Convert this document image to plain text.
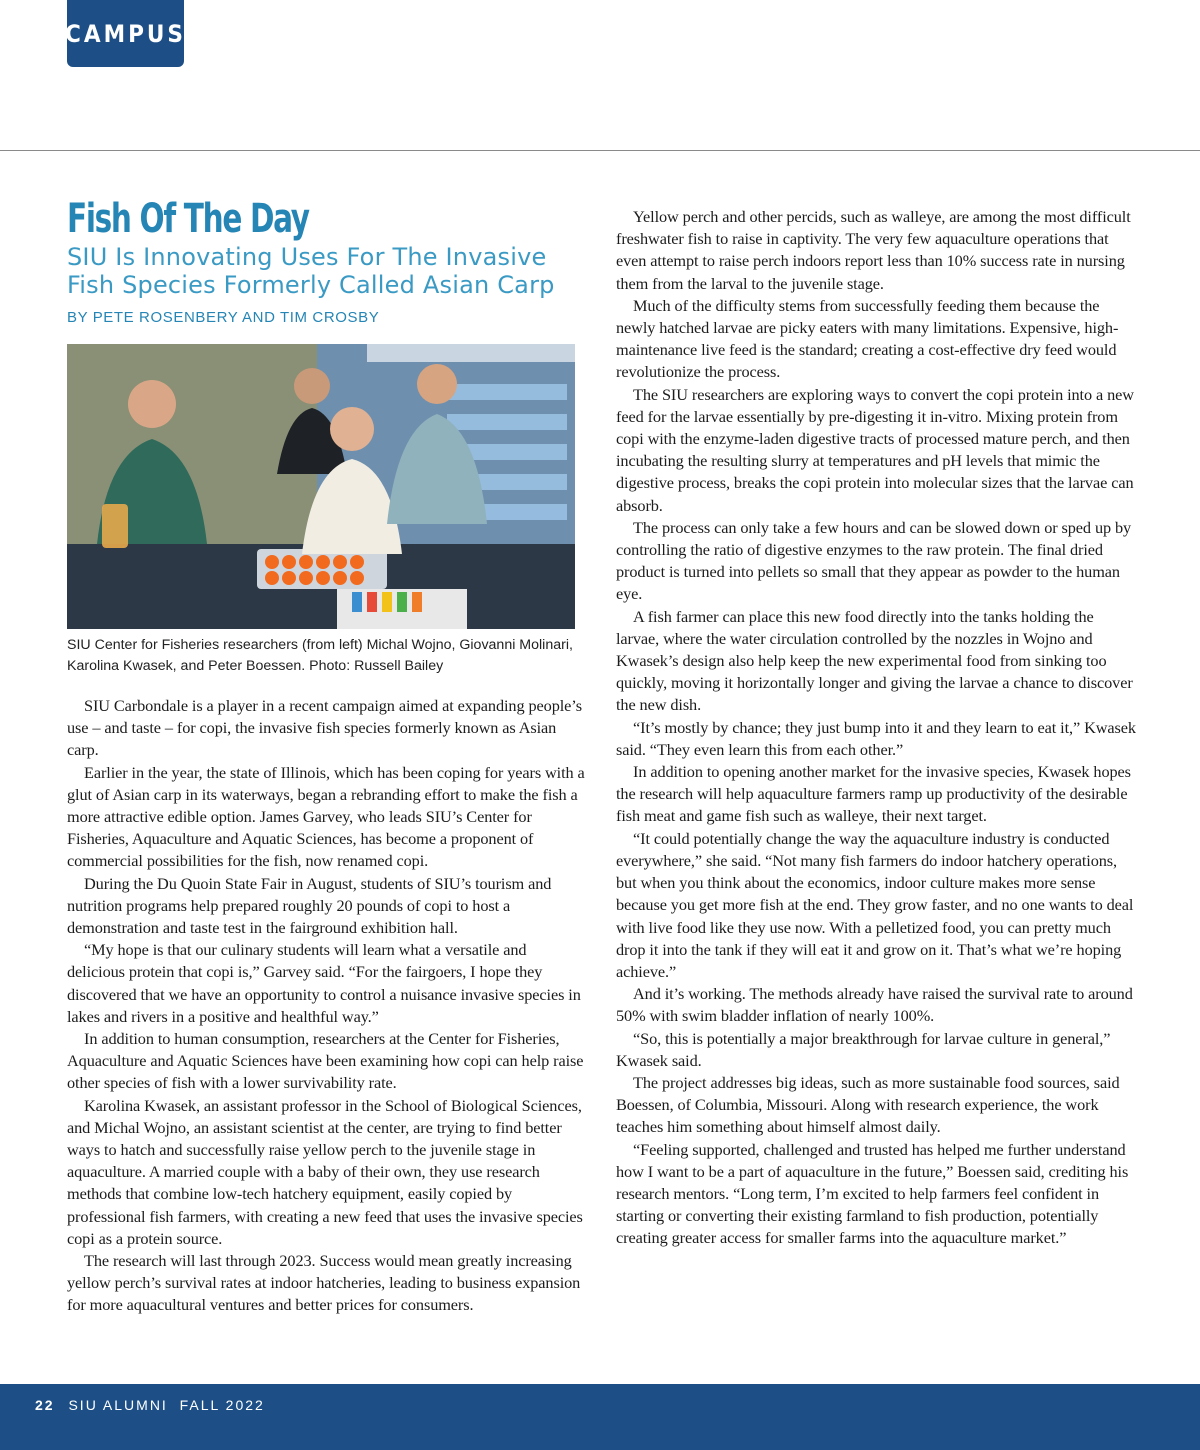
CAMPUS
Fish Of The Day
SIU Is Innovating Uses For The Invasive Fish Species Formerly Called Asian Carp
BY PETE ROSENBERY AND TIM CROSBY
SIU Center for Fisheries researchers (from left) Michal Wojno, Giovanni Molinari, Karolina Kwasek, and Peter Boessen. Photo: Russell Bailey

SIU Carbondale is a player in a recent campaign aimed at expanding people’s use – and taste – for copi, the invasive fish species formerly known as Asian carp.

Earlier in the year, the state of Illinois, which has been coping for years with a glut of Asian carp in its waterways, began a rebranding effort to make the fish a more attractive edible option. James Garvey, who leads SIU’s Center for Fisheries, Aquaculture and Aquatic Sciences, has become a proponent of commercial possibilities for the fish, now renamed copi.

During the Du Quoin State Fair in August, students of SIU’s tourism and nutrition programs help prepared roughly 20 pounds of copi to host a demonstration and taste test in the fairground exhibition hall.

“My hope is that our culinary students will learn what a versatile and delicious protein that copi is,” Garvey said. “For the fairgoers, I hope they discovered that we have an opportunity to control a nuisance invasive species in lakes and rivers in a positive and healthful way.”

In addition to human consumption, researchers at the Center for Fisheries, Aquaculture and Aquatic Sciences have been examining how copi can help raise other species of fish with a lower survivability rate.

Karolina Kwasek, an assistant professor in the School of Biological Sciences, and Michal Wojno, an assistant scientist at the center, are trying to find better ways to hatch and successfully raise yellow perch to the juvenile stage in aquaculture. A married couple with a baby of their own, they use research methods that combine low-tech hatchery equipment, easily copied by professional fish farmers, with creating a new feed that uses the invasive species copi as a protein source.

The research will last through 2023. Success would mean greatly increasing yellow perch’s survival rates at indoor hatcheries, leading to business expansion for more aquacultural ventures and better prices for consumers.

Yellow perch and other percids, such as walleye, are among the most difficult freshwater fish to raise in captivity. The very few aquaculture operations that even attempt to raise perch indoors report less than 10% success rate in nursing them from the larval to the juvenile stage.

Much of the difficulty stems from successfully feeding them because the newly hatched larvae are picky eaters with many limitations. Expensive, high-maintenance live feed is the standard; creating a cost-effective dry feed would revolutionize the process.

The SIU researchers are exploring ways to convert the copi protein into a new feed for the larvae essentially by pre-digesting it in-vitro. Mixing protein from copi with the enzyme-laden digestive tracts of processed mature perch, and then incubating the resulting slurry at temperatures and pH levels that mimic the digestive process, breaks the copi protein into molecular sizes that the larvae can absorb.

The process can only take a few hours and can be slowed down or sped up by controlling the ratio of digestive enzymes to the raw protein. The final dried product is turned into pellets so small that they appear as powder to the human eye.

A fish farmer can place this new food directly into the tanks holding the larvae, where the water circulation controlled by the nozzles in Wojno and Kwasek’s design also help keep the new experimental food from sinking too quickly, moving it horizontally longer and giving the larvae a chance to discover the new dish.

“It’s mostly by chance; they just bump into it and they learn to eat it,” Kwasek said. “They even learn this from each other.”

In addition to opening another market for the invasive species, Kwasek hopes the research will help aquaculture farmers ramp up productivity of the desirable fish meat and game fish such as walleye, their next target.

“It could potentially change the way the aquaculture industry is conducted everywhere,” she said. “Not many fish farmers do indoor hatchery operations, but when you think about the economics, indoor culture makes more sense because you get more fish at the end. They grow faster, and no one wants to deal with live food like they use now. With a pelletized food, you can pretty much drop it into the tank if they will eat it and grow on it. That’s what we’re hoping achieve.”

And it’s working. The methods already have raised the survival rate to around 50% with swim bladder inflation of nearly 100%.

“So, this is potentially a major breakthrough for larvae culture in general,” Kwasek said.

The project addresses big ideas, such as more sustainable food sources, said Boessen, of Columbia, Missouri. Along with research experience, the work teaches him something about himself almost daily.

“Feeling supported, challenged and trusted has helped me further understand how I want to be a part of aquaculture in the future,” Boessen said, crediting his research mentors. “Long term, I’m excited to help farmers feel confident in starting or converting their existing farmland to fish production, potentially creating greater access for smaller farms into the aquaculture market.”

22 SIU ALUMNI  FALL 2022
